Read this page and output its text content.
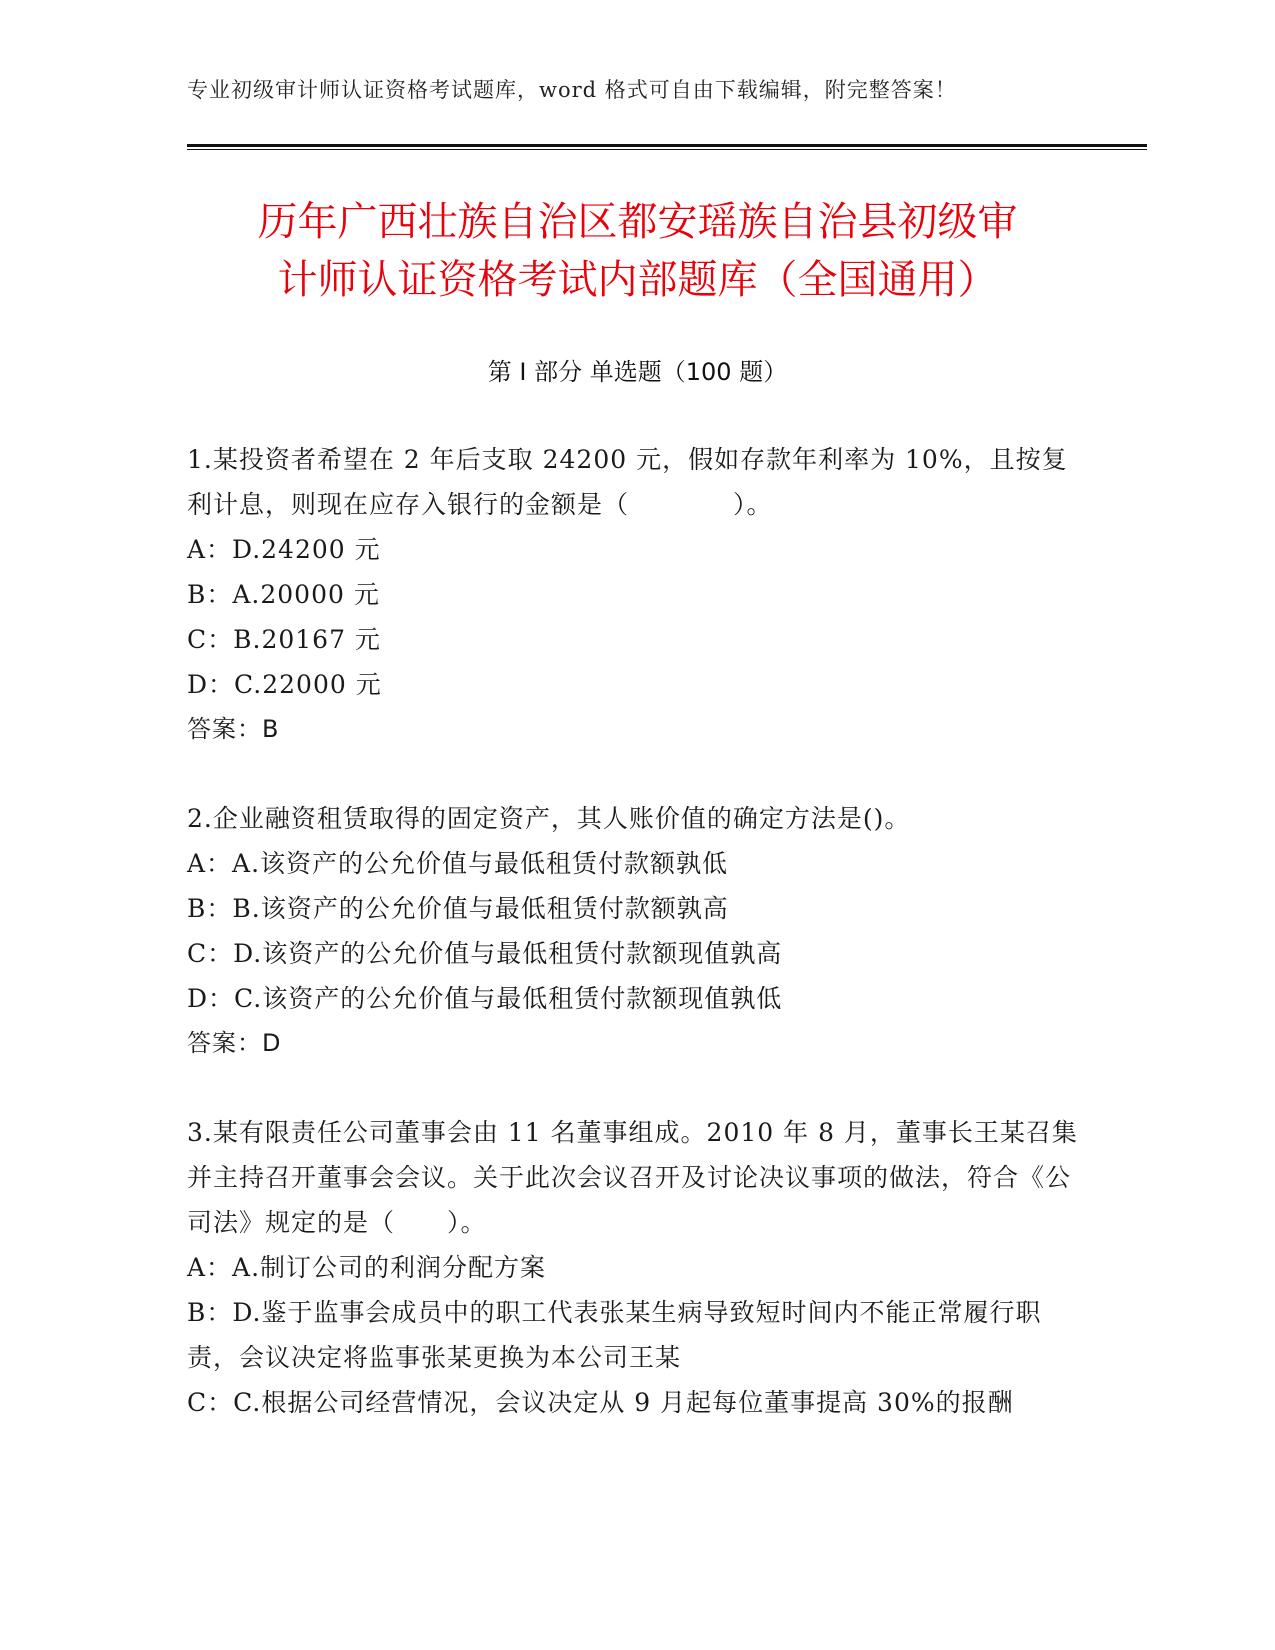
专业初级审计师认证资格考试题库，word 格式可自由下载编辑，附完整答案！
历年广西壮族自治区都安瑶族自治县初级审
计师认证资格考试内部题库（全国通用）
第 I 部分 单选题（100 题）

1.某投资者希望在 2 年后支取 24200 元，假如存款年利率为 10%，且按复利计息，则现在应存入银行的金额是（　　　　）。

A：D.24200 元

B：A.20000 元

C：B.20167 元

D：C.22000 元

答案：B

2.企业融资租赁取得的固定资产，其人账价值的确定方法是()。

A：A.该资产的公允价值与最低租赁付款额孰低

B：B.该资产的公允价值与最低租赁付款额孰高

C：D.该资产的公允价值与最低租赁付款额现值孰高

D：C.该资产的公允价值与最低租赁付款额现值孰低

答案：D

3.某有限责任公司董事会由 11 名董事组成。2010 年 8 月，董事长王某召集并主持召开董事会会议。关于此次会议召开及讨论决议事项的做法，符合《公司法》规定的是（　　）。

A：A.制订公司的利润分配方案

B：D.鉴于监事会成员中的职工代表张某生病导致短时间内不能正常履行职责，会议决定将监事张某更换为本公司王某

C：C.根据公司经营情况，会议决定从 9 月起每位董事提高 30%的报酬
